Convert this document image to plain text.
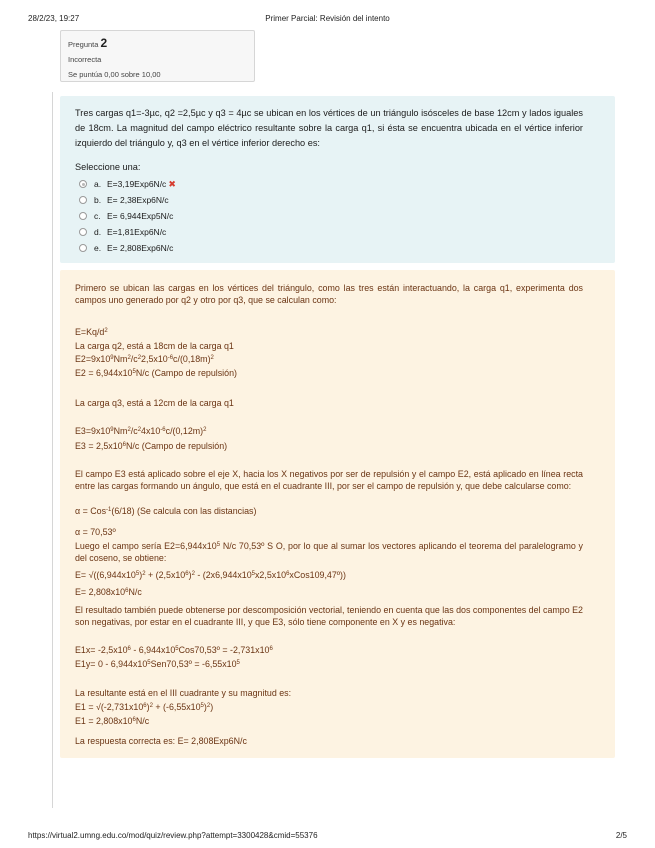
28/2/23, 19:27	Primer Parcial: Revisión del intento
Pregunta 2
Incorrecta
Se puntúa 0,00 sobre 10,00
Tres cargas q1=-3µc, q2 =2,5µc y q3 = 4µc se ubican en los vértices de un triángulo isósceles de base 12cm y lados iguales de 18cm. La magnitud del campo eléctrico resultante sobre la carga q1, si ésta se encuentra ubicada en el vértice inferior izquierdo del triángulo y, q3 en el vértice inferior derecho es:
Seleccione una:
a. E=3,19Exp6N/c ✖
b. E= 2,38Exp6N/c
c. E= 6,944Exp5N/c
d. E=1,81Exp6N/c
e. E= 2,808Exp6N/c
Primero se ubican las cargas en los vértices del triángulo, como las tres están interactuando, la carga q1, experimenta dos campos uno generado por q2 y otro por q3, que se calculan como:
$E=Kq/d^2$
La carga q2, está a 18cm de la carga q1
$E2=9x10^9Nm^2/c^22,5x10^{-6}c/(0,18m)^2$
$E2 = 6,944x10^5N/c$ (Campo de repulsión)
La carga q3, está a 12cm de la carga q1
$E3=9x10^9Nm^2/c^24x10^{-6}c/(0,12m)^2$
$E3 = 2,5x10^6N/c$ (Campo de repulsión)
El campo E3 está aplicado sobre el eje X, hacia los X negativos por ser de repulsión y el campo E2, está aplicado en línea recta entre las cargas formando un ángulo, que está en el cuadrante III, por ser el campo de repulsión y, que debe calcularse como:
α = Cos$^{-1}$(6/18) (Se calcula con las distancias)
α = 70,53º
Luego el campo sería $E2=6,944x10^5$ N/c 70,53º S O, por lo que al sumar los vectores aplicando el teorema del paralelogramo y del coseno, se obtiene:
$E= √((6,944x10^5)^2 + (2,5x10^6)^2$ - $(2x6,944x10^5x2,5x10^6xCos109,47º)$)
$E= 2,808x10^6N/c$
El resultado también puede obtenerse por descomposición vectorial, teniendo en cuenta que las dos componentes del campo E2 son negativas, por estar en el cuadrante III, y que E3, sólo tiene componente en X y es negativa:
$E1x= -2,5x10^6$ - $6,944x10^5Cos70,53º = -2,731x10^6$
$E1y= 0 - 6,944x10^5Sen70,53º = -6,55x10^5$
La resultante está en el III cuadrante y su magnitud es:
$E1 = √(-2,731x10^6)^2 + (-6,55x10^5)^2$)
$E1 = 2,808x10^6N/c$
La respuesta correcta es: E= 2,808Exp6N/c
https://virtual2.umng.edu.co/mod/quiz/review.php?attempt=3300428&cmid=55376	2/5
